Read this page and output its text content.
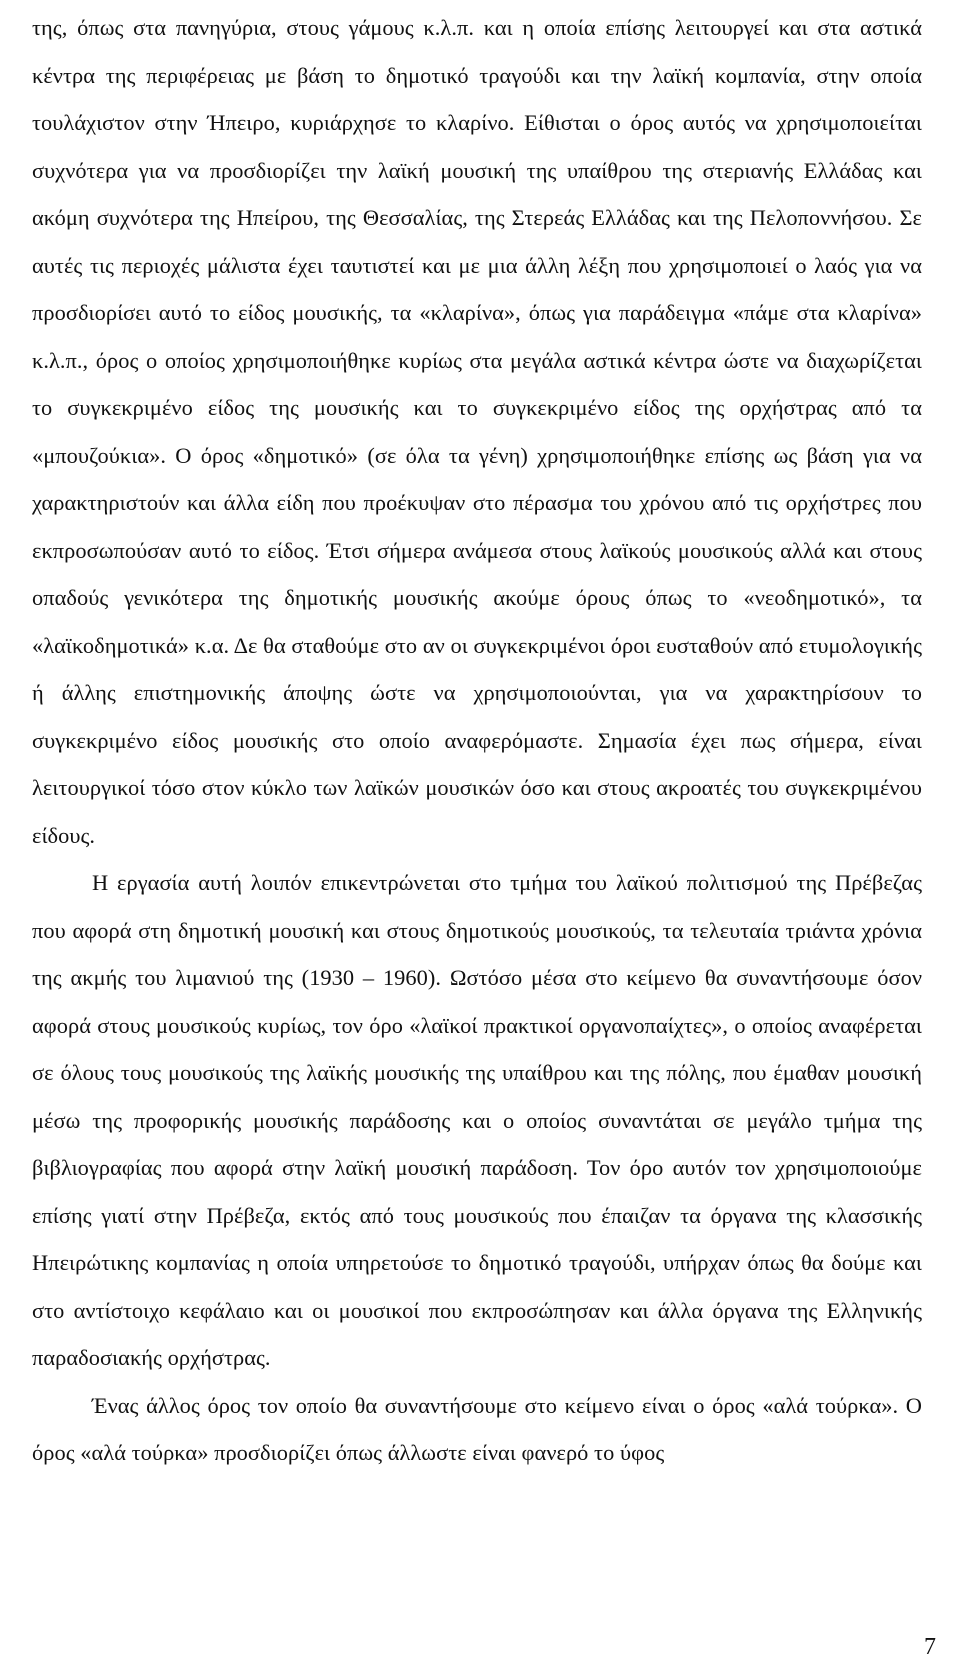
της, όπως στα πανηγύρια, στους γάμους κ.λ.π. και η οποία επίσης λειτουργεί και στα αστικά κέντρα της περιφέρειας με βάση το δημοτικό τραγούδι και την λαϊκή κομπανία, στην οποία τουλάχιστον στην Ήπειρο, κυριάρχησε το κλαρίνο. Είθισται ο όρος αυτός να χρησιμοποιείται συχνότερα για να προσδιορίζει την λαϊκή μουσική της υπαίθρου της στεριανής Ελλάδας και ακόμη συχνότερα της Ηπείρου, της Θεσσαλίας, της Στερεάς Ελλάδας και της Πελοποννήσου. Σε αυτές τις περιοχές μάλιστα έχει ταυτιστεί και με μια άλλη λέξη που χρησιμοποιεί ο λαός για να προσδιορίσει αυτό το είδος μουσικής, τα «κλαρίνα», όπως για παράδειγμα «πάμε στα κλαρίνα» κ.λ.π., όρος ο οποίος χρησιμοποιήθηκε κυρίως στα μεγάλα αστικά κέντρα ώστε να διαχωρίζεται το συγκεκριμένο είδος της μουσικής και το συγκεκριμένο είδος της ορχήστρας από τα «μπουζούκια». Ο όρος «δημοτικό» (σε όλα τα γένη) χρησιμοποιήθηκε επίσης ως βάση για να χαρακτηριστούν και άλλα είδη που προέκυψαν στο πέρασμα του χρόνου από τις ορχήστρες που εκπροσωπούσαν αυτό το είδος. Έτσι σήμερα ανάμεσα στους λαϊκούς μουσικούς αλλά και στους οπαδούς γενικότερα της δημοτικής μουσικής ακούμε όρους όπως το «νεοδημοτικό», τα «λαϊκοδημοτικά» κ.α. Δε θα σταθούμε στο αν οι συγκεκριμένοι όροι ευσταθούν από ετυμολογικής ή άλλης επιστημονικής άποψης ώστε να χρησιμοποιούνται, για να χαρακτηρίσουν το συγκεκριμένο είδος μουσικής στο οποίο αναφερόμαστε. Σημασία έχει πως σήμερα, είναι λειτουργικοί τόσο στον κύκλο των λαϊκών μουσικών όσο και στους ακροατές του συγκεκριμένου είδους.

Η εργασία αυτή λοιπόν επικεντρώνεται στο τμήμα του λαϊκού πολιτισμού της Πρέβεζας που αφορά στη δημοτική μουσική και στους δημοτικούς μουσικούς, τα τελευταία τριάντα χρόνια της ακμής του λιμανιού της (1930 – 1960). Ωστόσο μέσα στο κείμενο θα συναντήσουμε όσον αφορά στους μουσικούς κυρίως, τον όρο «λαϊκοί πρακτικοί οργανοπαίχτες», ο οποίος αναφέρεται σε όλους τους μουσικούς της λαϊκής μουσικής της υπαίθρου και της πόλης, που έμαθαν μουσική μέσω της προφορικής μουσικής παράδοσης και ο οποίος συναντάται σε μεγάλο τμήμα της βιβλιογραφίας που αφορά στην λαϊκή μουσική παράδοση. Τον όρο αυτόν τον χρησιμοποιούμε επίσης γιατί στην Πρέβεζα, εκτός από τους μουσικούς που έπαιζαν τα όργανα της κλασσικής Ηπειρώτικης κομπανίας η οποία υπηρετούσε το δημοτικό τραγούδι, υπήρχαν όπως θα δούμε και στο αντίστοιχο κεφάλαιο και οι μουσικοί που εκπροσώπησαν και άλλα όργανα της Ελληνικής παραδοσιακής ορχήστρας.

Ένας άλλος όρος τον οποίο θα συναντήσουμε στο κείμενο είναι ο όρος «αλά τούρκα». Ο όρος «αλά τούρκα» προσδιορίζει όπως άλλωστε είναι φανερό το ύφος

7
